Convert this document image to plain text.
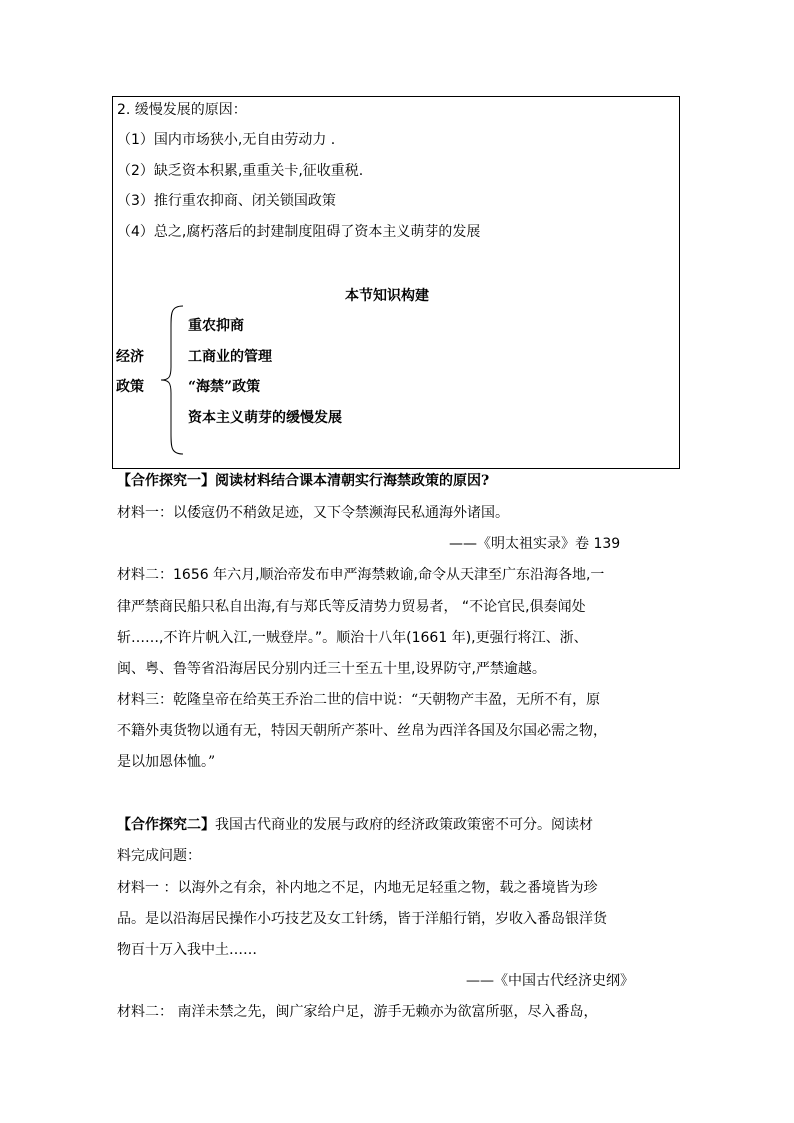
2. 缓慢发展的原因：
（1）国内市场狭小,无自由劳动力 .
（2）缺乏资本积累,重重关卡,征收重税.
（3）推行重农抑商、闭关锁国政策
（4）总之,腐朽落后的封建制度阻碍了资本主义萌芽的发展
本节知识构建
经济
政策
重农抑商
工商业的管理
“海禁”政策
资本主义萌芽的缓慢发展
【合作探究一】阅读材料结合课本清朝实行海禁政策的原因?
材料一：以倭寇仍不稍敛足迹，又下令禁濒海民私通海外诸国。
——《明太祖实录》卷 139
材料二：1656 年六月,顺治帝发布申严海禁敕谕,命令从天津至广东沿海各地,一
律严禁商民船只私自出海,有与郑氏等反清势力贸易者， “不论官民,俱奏闻处
斩……,不许片帆入江,一贼登岸。”。顺治十八年(1661 年),更强行将江、浙、
闽、粤、鲁等省沿海居民分别内迁三十至五十里,设界防守,严禁逾越。
材料三：乾隆皇帝在给英王乔治二世的信中说：“天朝物产丰盈，无所不有，原
不籍外夷货物以通有无，特因天朝所产茶叶、丝帛为西洋各国及尔国必需之物，
是以加恩体恤。”
【合作探究二】我国古代商业的发展与政府的经济政策政策密不可分。阅读材
料完成问题：
材料一 ：以海外之有余，补内地之不足，内地无足轻重之物，载之番境皆为珍
品。是以沿海居民操作小巧技艺及女工针绣，皆于洋船行销，岁收入番岛银洋货
物百十万入我中土……
——《中国古代经济史纲》
材料二： 南洋未禁之先，闽广家给户足，游手无赖亦为欲富所驱，尽入番岛，
